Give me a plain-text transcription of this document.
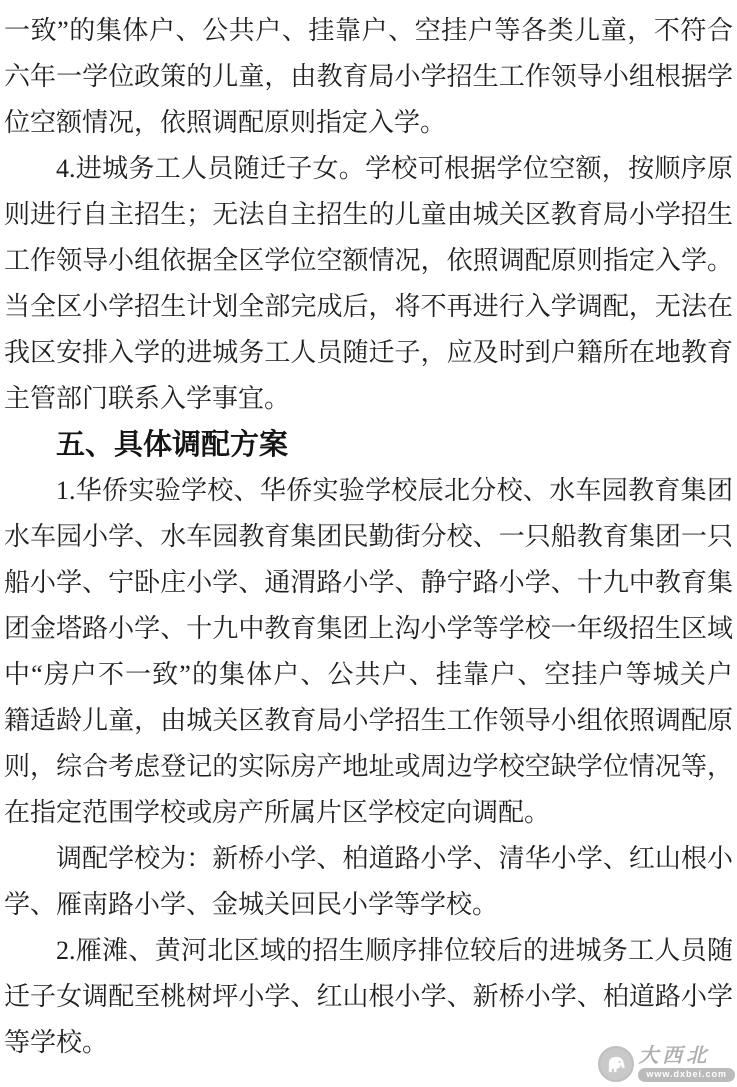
一致”的集体户、公共户、挂靠户、空挂户等各类儿童，不符合
六年一学位政策的儿童，由教育局小学招生工作领导小组根据学
位空额情况，依照调配原则指定入学。
4.进城务工人员随迁子女。学校可根据学位空额，按顺序原
则进行自主招生；无法自主招生的儿童由城关区教育局小学招生
工作领导小组依据全区学位空额情况，依照调配原则指定入学。
当全区小学招生计划全部完成后，将不再进行入学调配，无法在
我区安排入学的进城务工人员随迁子，应及时到户籍所在地教育
主管部门联系入学事宜。
五、具体调配方案
1.华侨实验学校、华侨实验学校辰北分校、水车园教育集团
水车园小学、水车园教育集团民勤街分校、一只船教育集团一只
船小学、宁卧庄小学、通渭路小学、静宁路小学、十九中教育集
团金塔路小学、十九中教育集团上沟小学等学校一年级招生区域
中“房户不一致”的集体户、公共户、挂靠户、空挂户等城关户
籍适龄儿童，由城关区教育局小学招生工作领导小组依照调配原
则，综合考虑登记的实际房产地址或周边学校空缺学位情况等，
在指定范围学校或房产所属片区学校定向调配。
调配学校为：新桥小学、柏道路小学、清华小学、红山根小
学、雁南路小学、金城关回民小学等学校。
2.雁滩、黄河北区域的招生顺序排位较后的进城务工人员随
迁子女调配至桃树坪小学、红山根小学、新桥小学、柏道路小学
等学校。	大西北
www.dxbei.com
